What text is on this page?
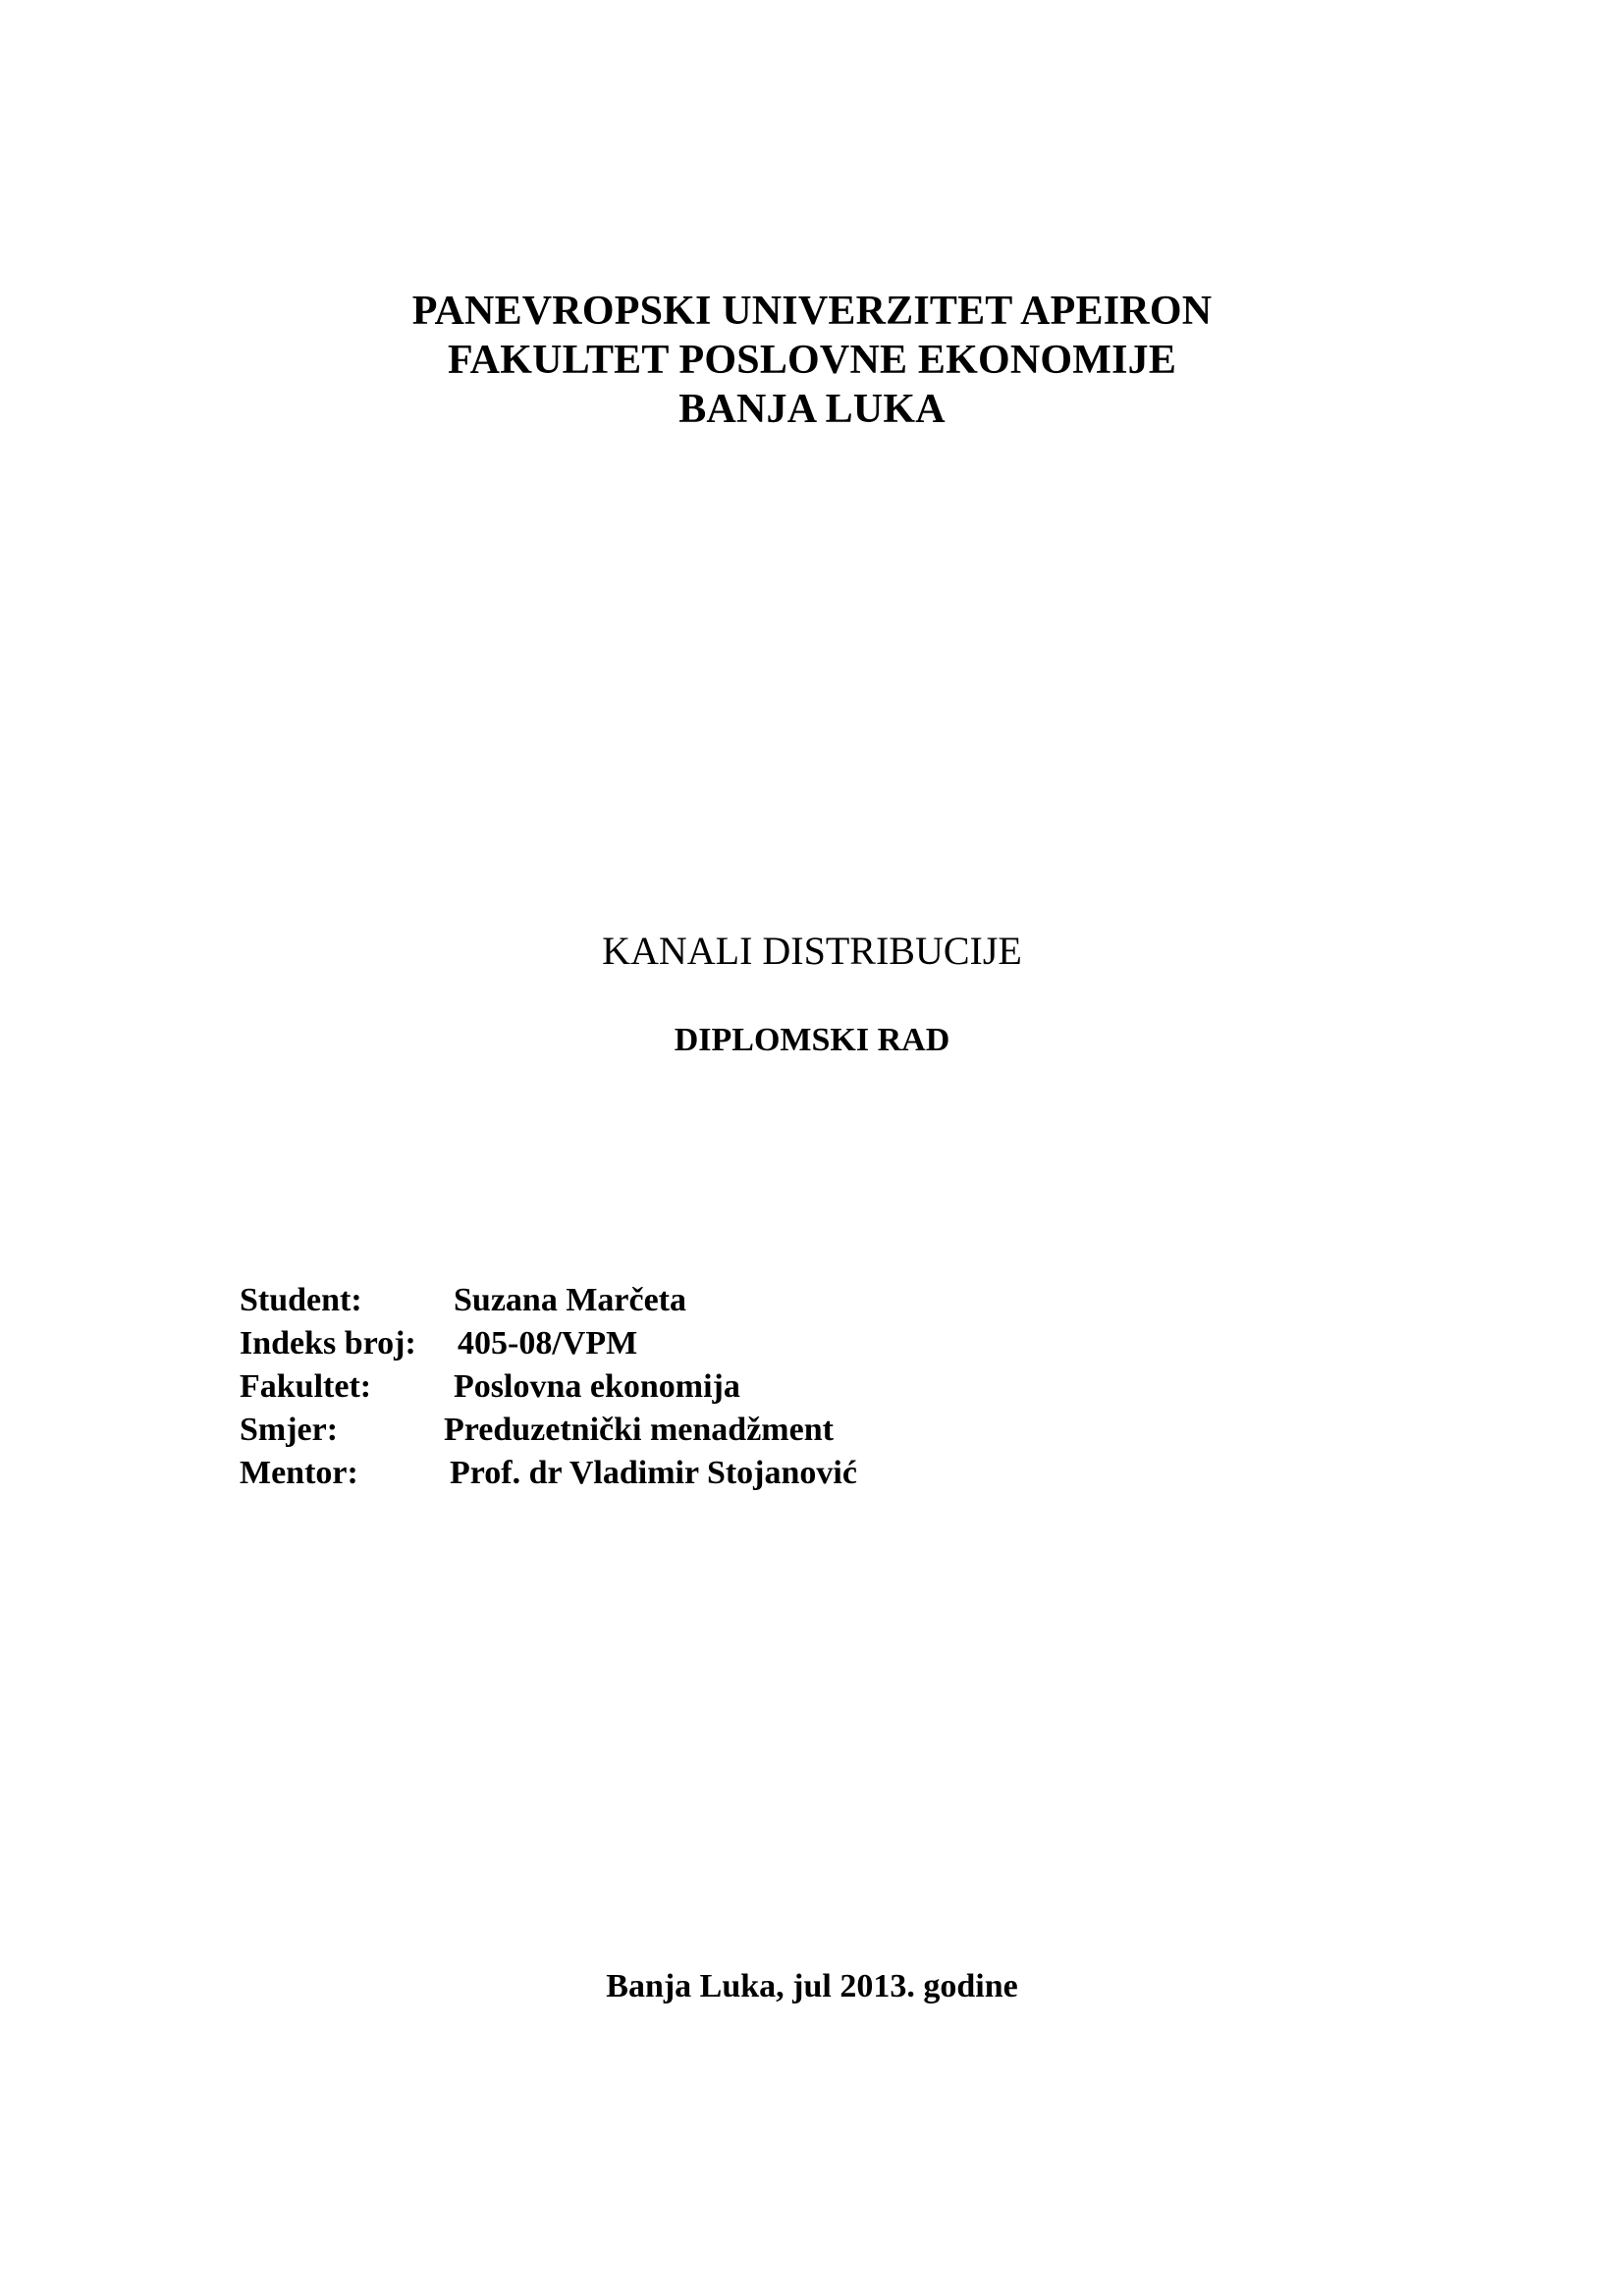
PANEVROPSKI UNIVERZITET APEIRON
FAKULTET POSLOVNE EKONOMIJE
BANJA LUKA
KANALI DISTRIBUCIJE
DIPLOMSKI RAD
Student:	Suzana Marčeta
Indeks broj: 405-08/VPM
Fakultet: Poslovna ekonomija
Smjer:	Preduzetnički menadžment
Mentor:	Prof. dr Vladimir Stojanović
Banja Luka, jul 2013. godine
